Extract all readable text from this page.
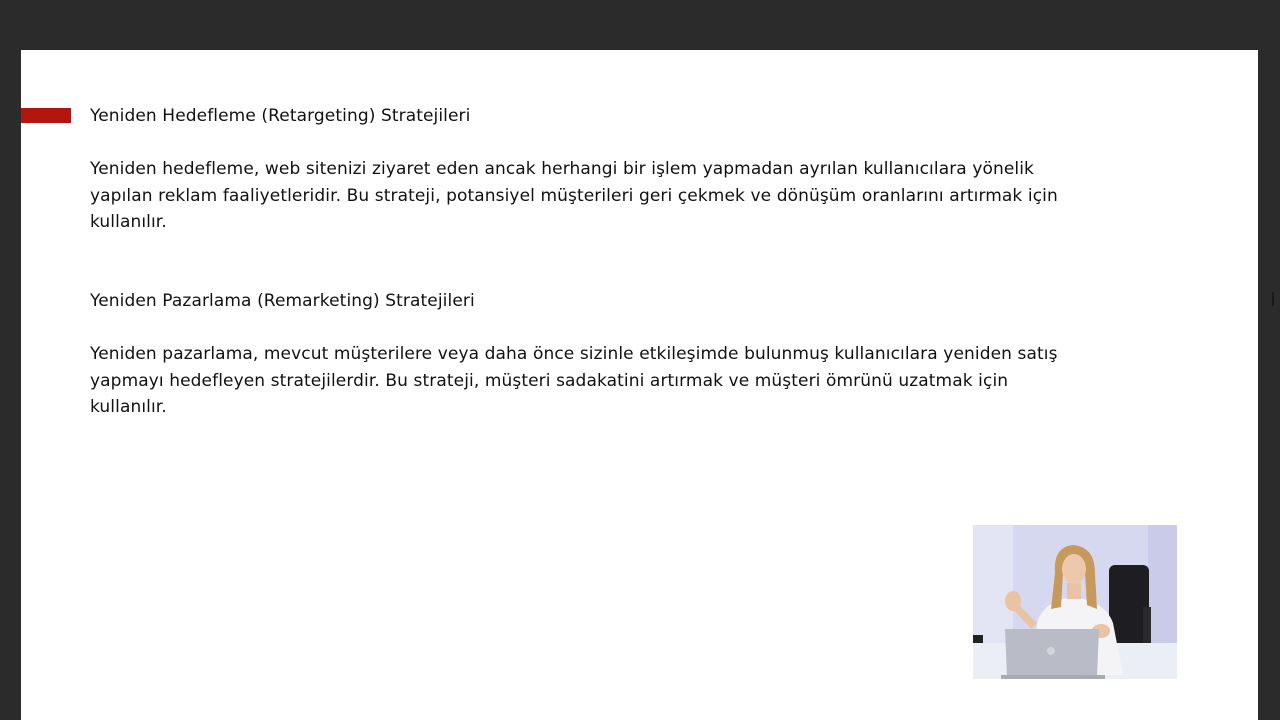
Yeniden Hedefleme (Retargeting) Stratejileri

Yeniden hedefleme, web sitenizi ziyaret eden ancak herhangi bir işlem yapmadan ayrılan kullanıcılara yönelik yapılan reklam faaliyetleridir. Bu strateji, potansiyel müşterileri geri çekmek ve dönüşüm oranlarını artırmak için kullanılır.

Yeniden Pazarlama (Remarketing) Stratejileri

Yeniden pazarlama, mevcut müşterilere veya daha önce sizinle etkileşimde bulunmuş kullanıcılara yeniden satış yapmayı hedefleyen stratejilerdir. Bu strateji, müşteri sadakatini artırmak ve müşteri ömrünü uzatmak için kullanılır.
